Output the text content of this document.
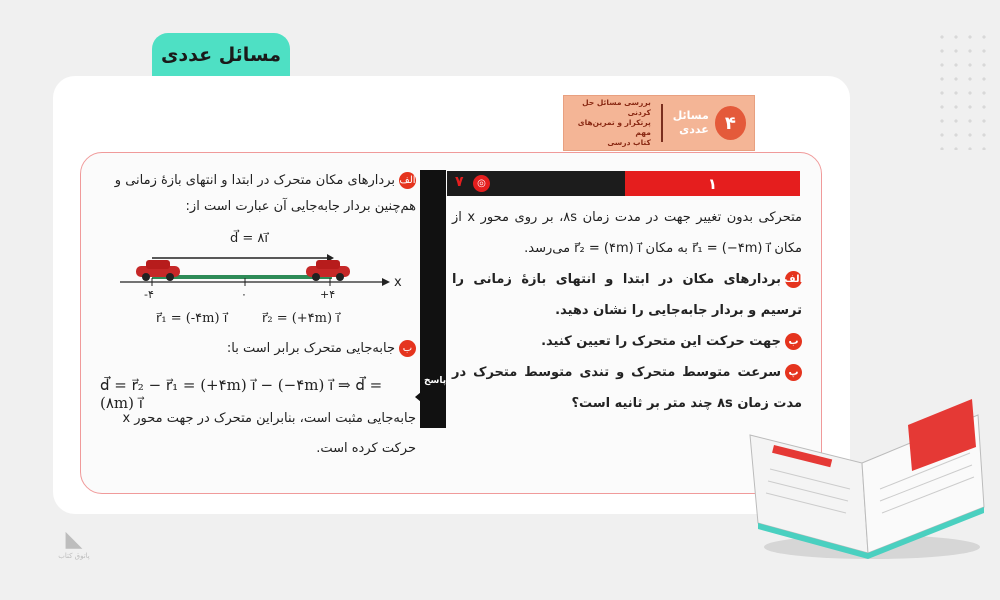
مسائل عددی
۴
مسائل
عددی
بررسی مسائل حل کردنی
پرتکرار و تمرین‌های مهم
کتاب درسی
۷	◎	۱

متحرکی بدون تغییر جهت در مدت زمان ۸s، بر روی محور x از مکان r⃗₁ = (−۴m) i⃗ به مکان r⃗₂ = (۴m) i⃗ می‌رسد.

الفبردارهای مکان در ابتدا و انتهای بازهٔ زمانی را ترسیم و بردار جابه‌جایی را نشان دهید.

بجهت حرکت این متحرک را تعیین کنید.

پسرعت متوسط متحرک و تندی متوسط متحرک در مدت زمان ۸s چند متر بر ثانیه است؟

پاسخ

الفبردارهای مکان متحرک در ابتدا و انتهای بازهٔ زمانی و هم‌چنین بردار جابه‌جایی آن عبارت است از:

d⃗ = ۸i⃗
x
-۴	۰	+۴
r⃗₁ = (-۴m) i⃗	r⃗₂ = (+۴m) i⃗

بجابه‌جایی متحرک برابر است با:

d⃗ = r⃗₂ − r⃗₁ = (+۴m) i⃗ − (−۴m) i⃗ ⇒ d⃗ = (۸m) i⃗
جابه‌جایی مثبت است، بنابراین متحرک در جهت محور x حرکت کرده است.
◣
پاتوق کتاب
